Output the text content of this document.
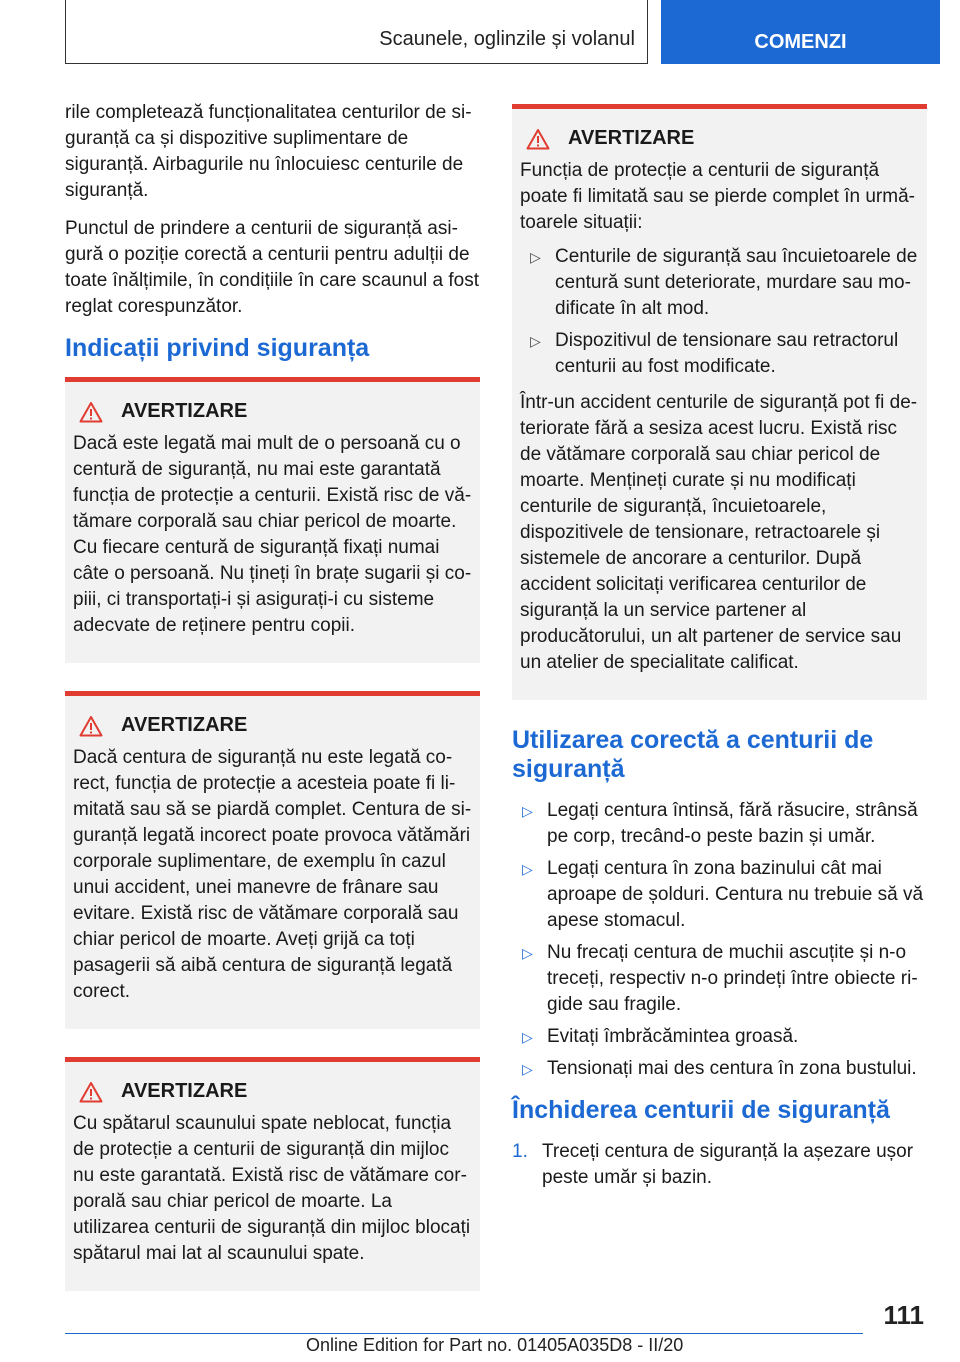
Scaunele, oglinzile și volanul	COMENZI

rile completează funcționalitatea centurilor de siguranță ca și dispozitive suplimentare de siguranță. Airbagurile nu înlocuiesc centurile de siguranță.

Punctul de prindere a centurii de siguranță asigură o poziție corectă a centurii pentru adulții de toate înălțimile, în condițiile în care scaunul a fost reglat corespunzător.

Indicații privind siguranța
AVERTIZARE

Dacă este legată mai mult de o persoană cu o centură de siguranță, nu mai este garantată funcția de protecție a centurii. Există risc de vătămare corporală sau chiar pericol de moarte. Cu fiecare centură de siguranță fixați numai câte o persoană. Nu țineți în brațe sugarii și copiii, ci transportați-i și asigurați-i cu sisteme adecvate de reținere pentru copii.

AVERTIZARE

Dacă centura de siguranță nu este legată corect, funcția de protecție a acesteia poate fi limitată sau să se piardă complet. Centura de siguranță legată incorect poate provoca vătămări corporale suplimentare, de exemplu în cazul unui accident, unei manevre de frânare sau evitare. Există risc de vătămare corporală sau chiar pericol de moarte. Aveți grijă ca toți pasagerii să aibă centura de siguranță legată corect.

AVERTIZARE

Cu spătarul scaunului spate neblocat, funcția de protecție a centurii de siguranță din mijloc nu este garantată. Există risc de vătămare corporală sau chiar pericol de moarte. La utilizarea centurii de siguranță din mijloc blocați spătarul mai lat al scaunului spate.

AVERTIZARE

Funcția de protecție a centurii de siguranță poate fi limitată sau se pierde complet în următoarele situații:

▷ Centurile de siguranță sau încuietoarele de centură sunt deteriorate, murdare sau modificate în alt mod.
▷ Dispozitivul de tensionare sau retractorul centurii au fost modificate.

Într-un accident centurile de siguranță pot fi deteriorate fără a sesiza acest lucru. Există risc de vătămare corporală sau chiar pericol de moarte. Mențineți curate și nu modificați centurile de siguranță, încuietoarele, dispozitivele de tensionare, retractoarele și sistemele de ancorare a centurilor. După accident solicitați verificarea centurilor de siguranță la un service partener al producătorului, un alt partener de service sau un atelier de specialitate calificat.

Utilizarea corectă a centurii de siguranță
▷ Legați centura întinsă, fără răsucire, strânsă pe corp, trecând-o peste bazin și umăr.
▷ Legați centura în zona bazinului cât mai aproape de șolduri. Centura nu trebuie să vă apese stomacul.
▷ Nu frecați centura de muchii ascuțite și n-o treceți, respectiv n-o prindeți între obiecte rigide sau fragile.
▷ Evitați îmbrăcămintea groasă.
▷ Tensionați mai des centura în zona bustului.
Închiderea centurii de siguranță
1. Treceți centura de siguranță la așezare ușor peste umăr și bazin.
111
Online Edition for Part no. 01405A035D8 - II/20
